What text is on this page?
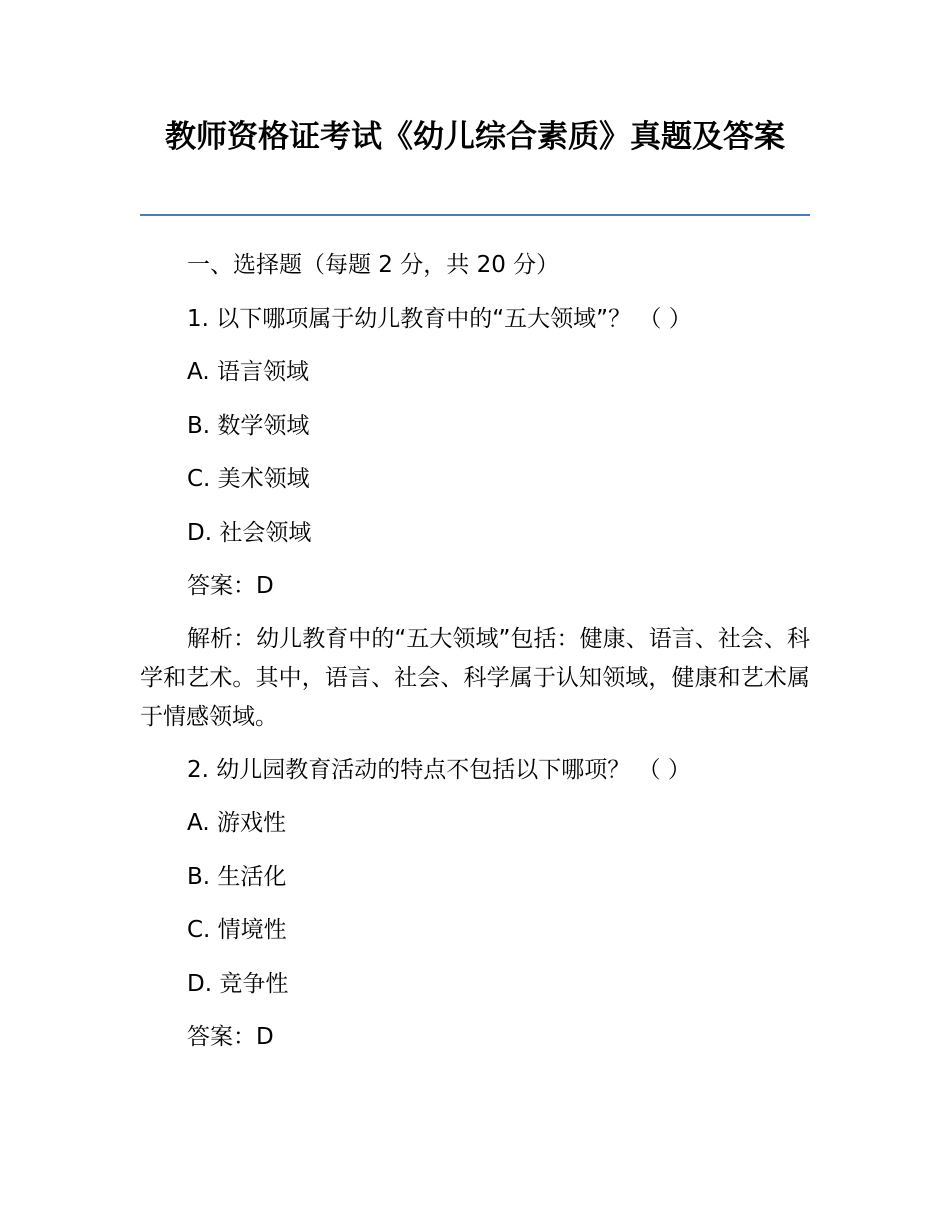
教师资格证考试《幼儿综合素质》真题及答案

一、选择题（每题 2 分，共 20 分）

1. 以下哪项属于幼儿教育中的“五大领域”？ （ ）

A. 语言领域

B. 数学领域

C. 美术领域

D. 社会领域

答案：D

解析：幼儿教育中的“五大领域”包括：健康、语言、社会、科学和艺术。其中，语言、社会、科学属于认知领域，健康和艺术属于情感领域。

2. 幼儿园教育活动的特点不包括以下哪项？ （ ）

A. 游戏性

B. 生活化

C. 情境性

D. 竞争性

答案：D
